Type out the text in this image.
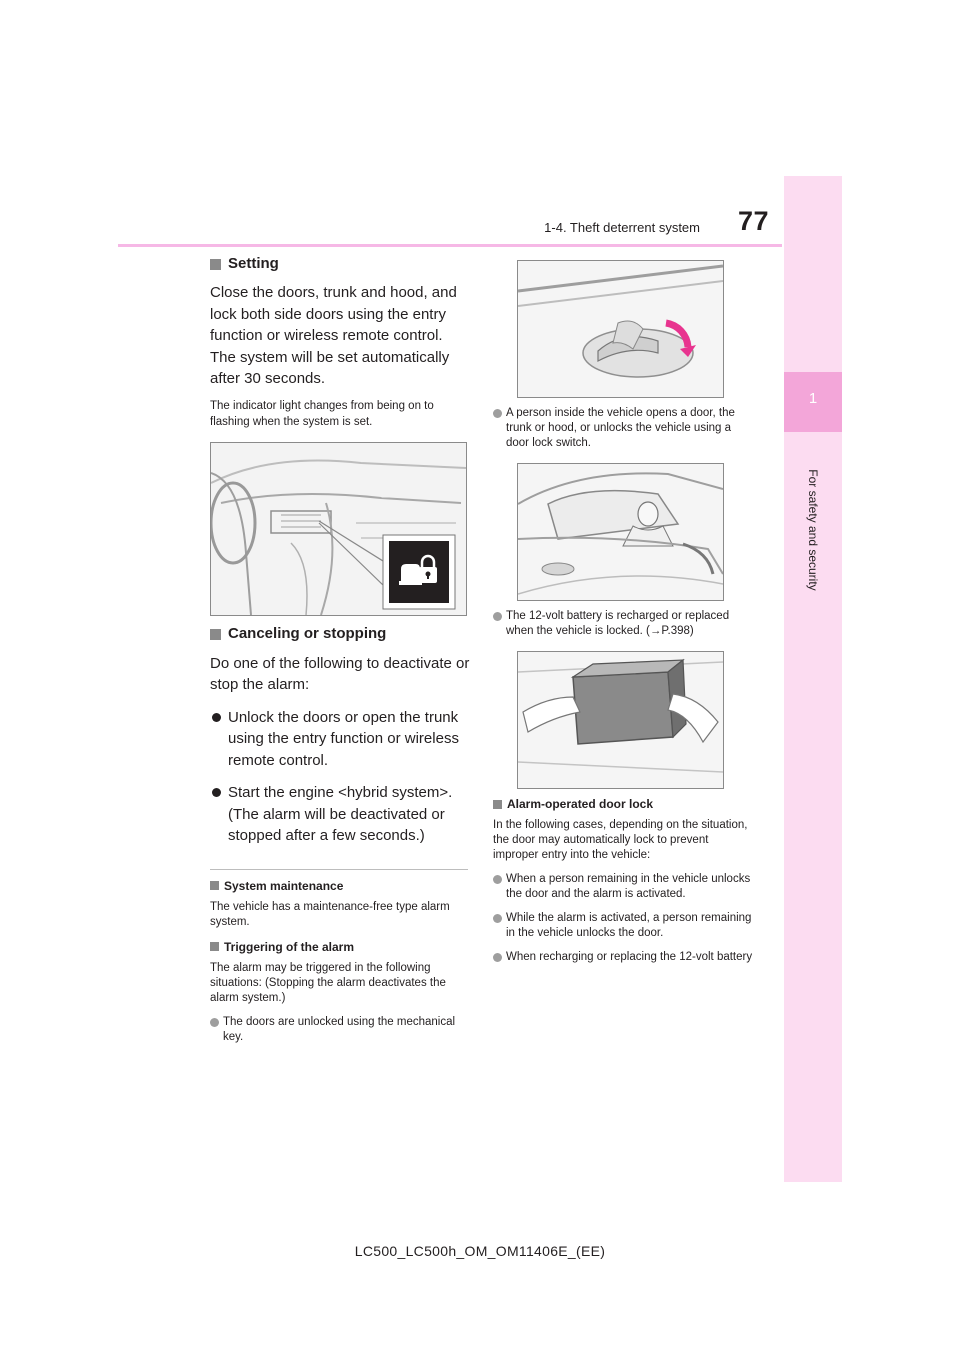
77
1-4. Theft deterrent system
1
For safety and security
Setting

Close the doors, trunk and hood, and lock both side doors using the entry function or wireless remote control. The system will be set automatically after 30 seconds.

The indicator light changes from being on to flashing when the system is set.

Canceling or stopping

Do one of the following to deactivate or stop the alarm:

Unlock the doors or open the trunk using the entry function or wireless remote control.
Start the engine <hybrid system>. (The alarm will be deactivated or stopped after a few seconds.)
System maintenance

The vehicle has a maintenance-free type alarm system.

Triggering of the alarm

The alarm may be triggered in the following situations: (Stopping the alarm deactivates the alarm system.)

The doors are unlocked using the mechanical key.
A person inside the vehicle opens a door, the trunk or hood, or unlocks the vehicle using a door lock switch.
The 12-volt battery is recharged or replaced when the vehicle is locked. (→P.398)
Alarm-operated door lock

In the following cases, depending on the situation, the door may automatically lock to prevent improper entry into the vehicle:

When a person remaining in the vehicle unlocks the door and the alarm is activated.
While the alarm is activated, a person remaining in the vehicle unlocks the door.
When recharging or replacing the 12-volt battery
LC500_LC500h_OM_OM11406E_(EE)
